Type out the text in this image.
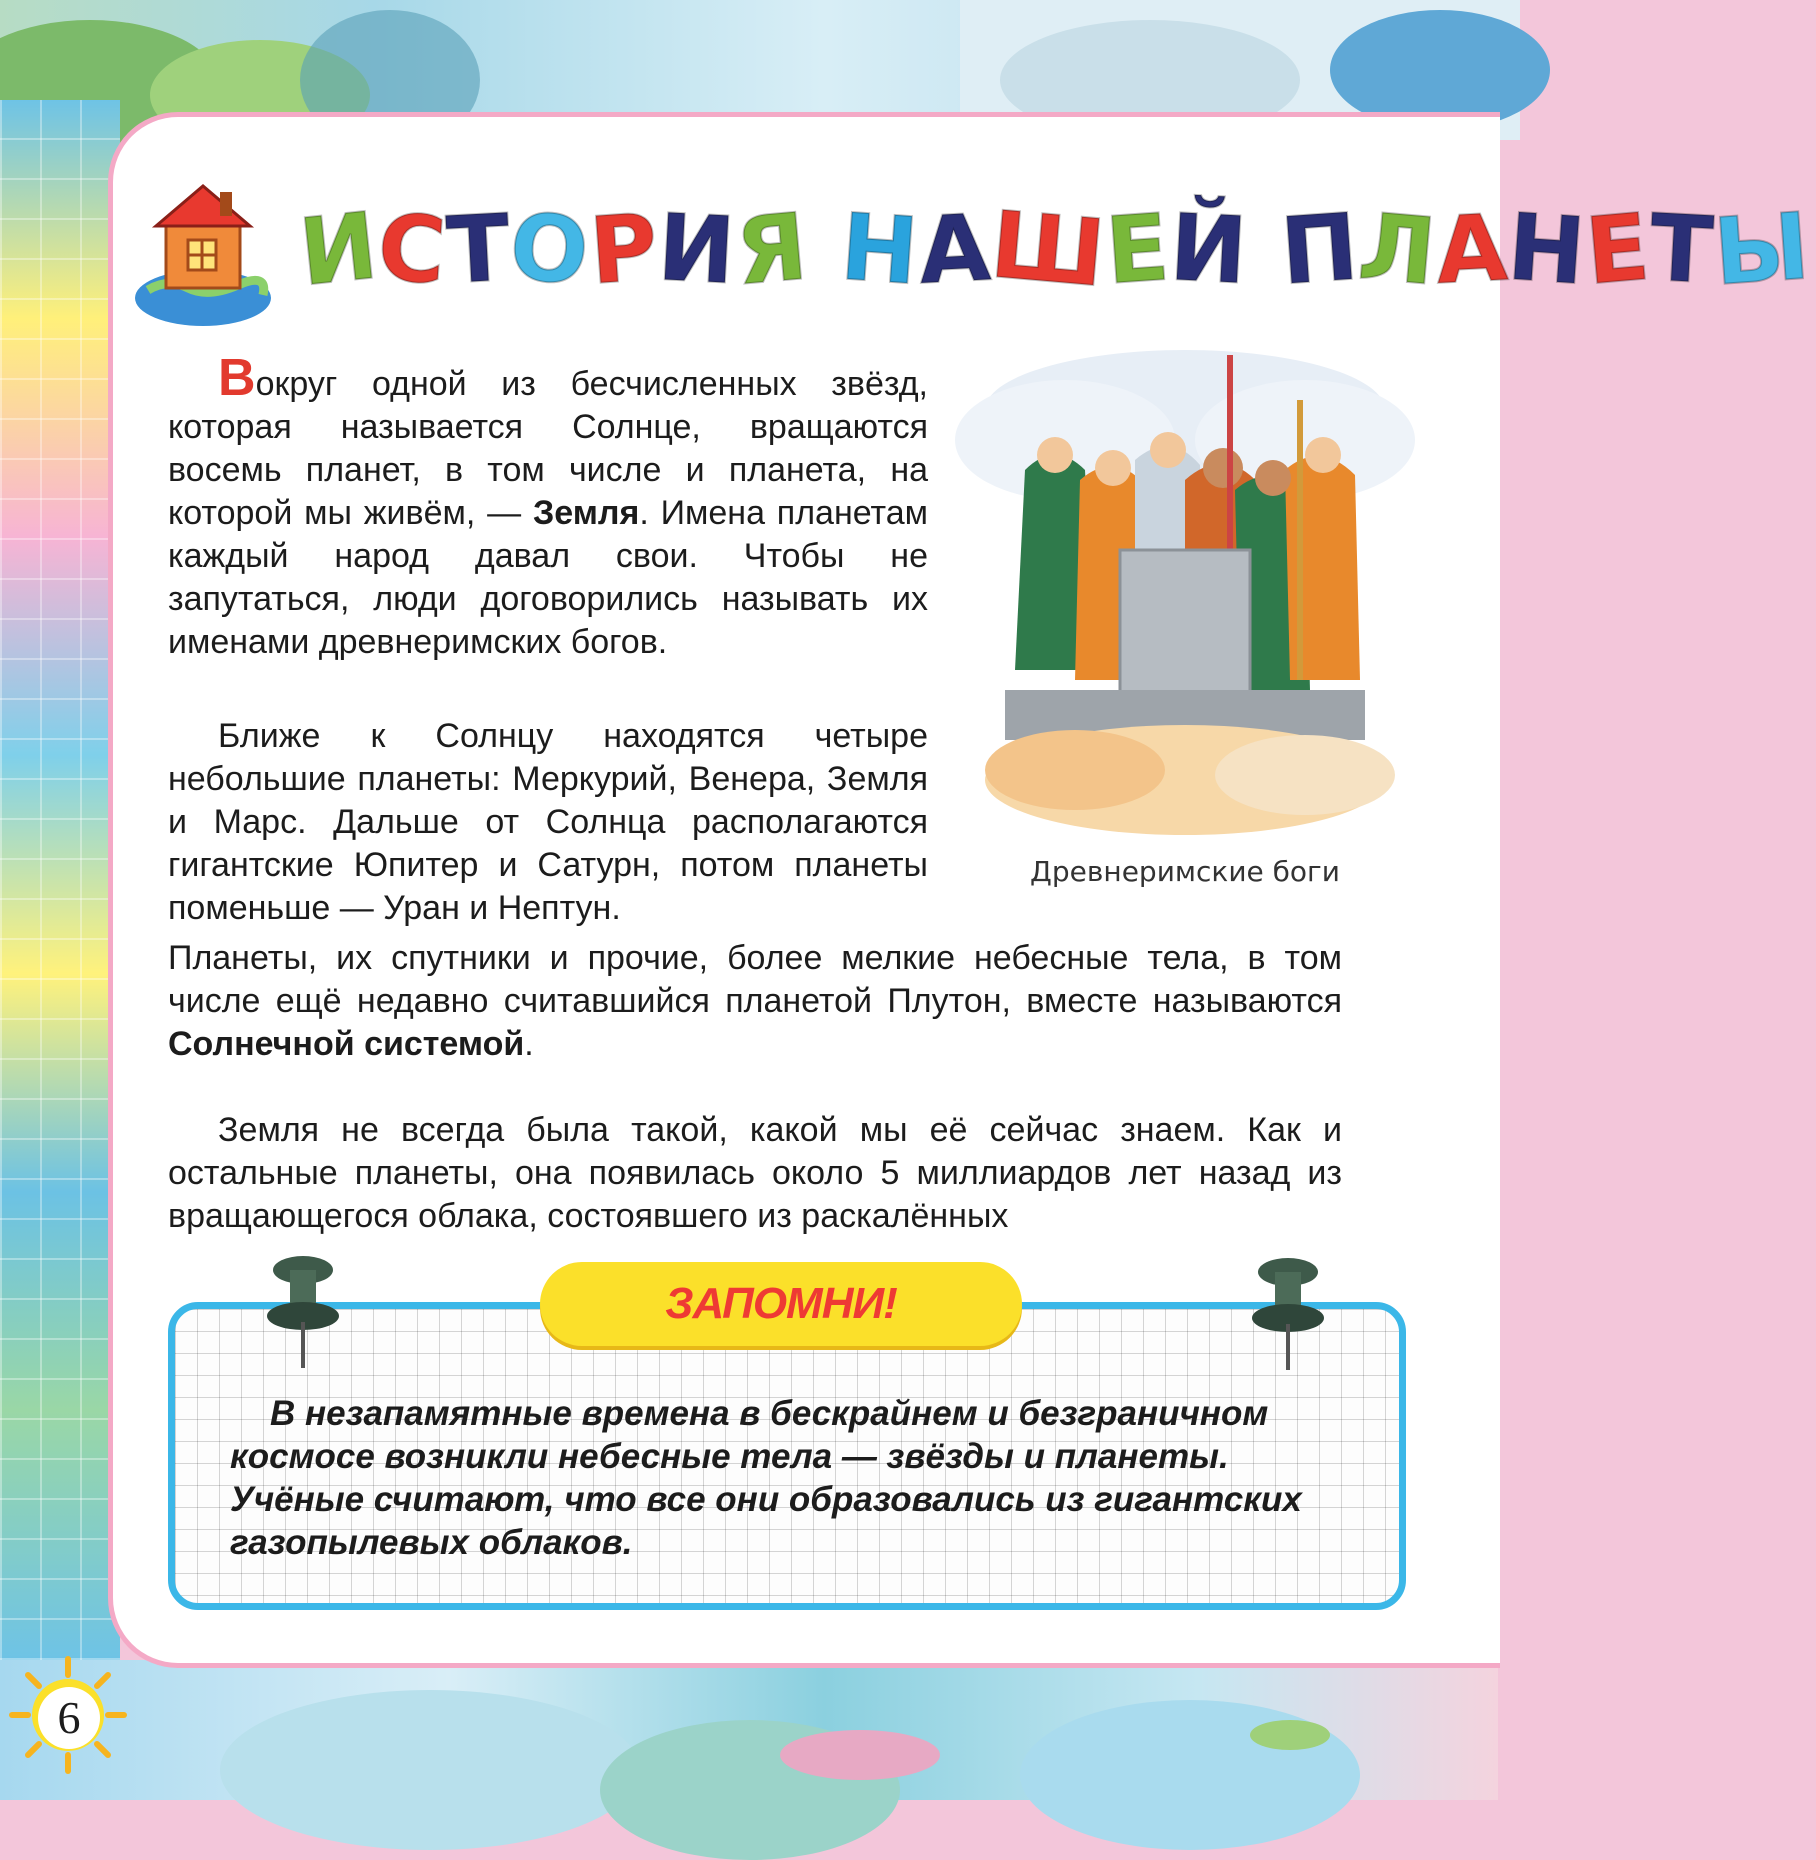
ИСТОРИЯ НАШЕЙ ПЛАНЕТЫ

Вокруг одной из бесчисленных звёзд, которая называется Солнце, вращаются восемь планет, в том числе и планета, на которой мы живём, — Земля. Имена планетам каждый народ давал свои. Чтобы не запутаться, люди договорились называть их именами древнеримских богов.

Ближе к Солнцу находятся четыре небольшие планеты: Меркурий, Венера, Земля и Марс. Дальше от Солнца располагаются гигантские Юпитер и Сатурн, потом планеты поменьше — Уран и Нептун.

Планеты, их спутники и прочие, более мелкие небесные тела, в том числе ещё недавно считавшийся планетой Плутон, вместе называются Солнечной системой.

Земля не всегда была такой, какой мы её сейчас знаем. Как и остальные планеты, она появилась около 5 миллиардов лет назад из вращающегося облака, состоявшего из раскалённых

Древнеримские боги

ЗАПОМНИ!

В незапамятные времена в бескрайнем и безграничном космосе возникли небесные тела — звёзды и планеты. Учёные считают, что все они образовались из гигантских газопылевых облаков.

6
